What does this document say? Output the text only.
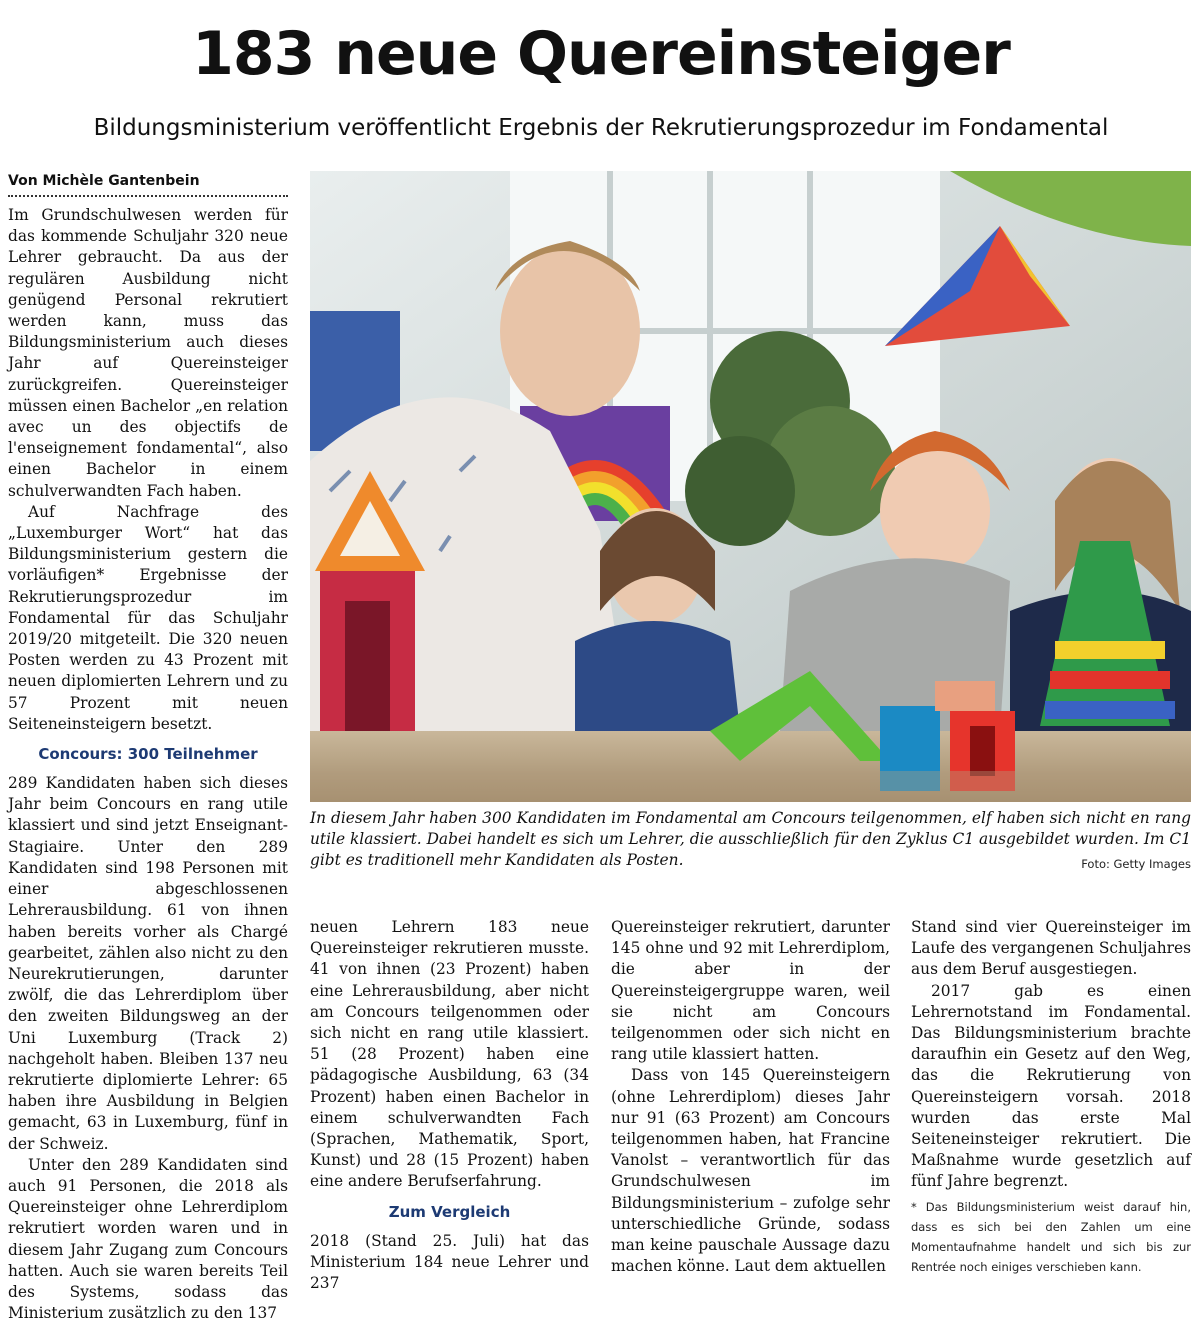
183 neue Quereinsteiger
Bildungsministerium veröffentlicht Ergebnis der Rekrutierungsprozedur im Fondamental
Von Michèle Gantenbein

Im Grundschulwesen werden für das kommende Schuljahr 320 neue Lehrer gebraucht. Da aus der regulären Ausbildung nicht genügend Personal rekrutiert werden kann, muss das Bildungsministerium auch dieses Jahr auf Quereinsteiger zurückgreifen. Quereinsteiger müssen einen Bachelor „en relation avec un des objectifs de l'enseignement fondamental“, also einen Bachelor in einem schulverwandten Fach haben.

Auf Nachfrage des „Luxemburger Wort“ hat das Bildungsministerium gestern die vorläufigen* Ergebnisse der Rekrutierungsprozedur im Fondamental für das Schuljahr 2019/20 mitgeteilt. Die 320 neuen Posten werden zu 43 Prozent mit neuen diplomierten Lehrern und zu 57 Prozent mit neuen Seiteneinsteigern besetzt.

Concours: 300 Teilnehmer

289 Kandidaten haben sich dieses Jahr beim Concours en rang utile klassiert und sind jetzt Enseignant-Stagiaire. Unter den 289 Kandidaten sind 198 Personen mit einer abgeschlossenen Lehrerausbildung. 61 von ihnen haben bereits vorher als Chargé gearbeitet, zählen also nicht zu den Neurekrutierungen, darunter zwölf, die das Lehrerdiplom über den zweiten Bildungsweg an der Uni Luxemburg (Track 2) nachgeholt haben. Bleiben 137 neu rekrutierte diplomierte Lehrer: 65 haben ihre Ausbildung in Belgien gemacht, 63 in Luxemburg, fünf in der Schweiz.

Unter den 289 Kandidaten sind auch 91 Personen, die 2018 als Quereinsteiger ohne Lehrerdiplom rekrutiert worden waren und in diesem Jahr Zugang zum Concours hatten. Auch sie waren bereits Teil des Systems, sodass das Ministerium zusätzlich zu den 137

In diesem Jahr haben 300 Kandidaten im Fondamental am Concours teilgenommen, elf haben sich nicht en rang utile klassiert. Dabei handelt es sich um Lehrer, die ausschließlich für den Zyklus C1 ausgebildet wurden. Im C1 gibt es traditionell mehr Kandidaten als Posten.	Foto: Getty Images

neuen Lehrern 183 neue Quereinsteiger rekrutieren musste. 41 von ihnen (23 Prozent) haben eine Lehrerausbildung, aber nicht am Concours teilgenommen oder sich nicht en rang utile klassiert. 51 (28 Prozent) haben eine pädagogische Ausbildung, 63 (34 Prozent) haben einen Bachelor in einem schulverwandten Fach (Sprachen, Mathematik, Sport, Kunst) und 28 (15 Prozent) haben eine andere Berufserfahrung.

Zum Vergleich

2018 (Stand 25. Juli) hat das Ministerium 184 neue Lehrer und 237

Quereinsteiger rekrutiert, darunter 145 ohne und 92 mit Lehrerdiplom, die aber in der Quereinsteigergruppe waren, weil sie nicht am Concours teilgenommen oder sich nicht en rang utile klassiert hatten.

Dass von 145 Quereinsteigern (ohne Lehrerdiplom) dieses Jahr nur 91 (63 Prozent) am Concours teilgenommen haben, hat Francine Vanolst – verantwortlich für das Grundschulwesen im Bildungsministerium – zufolge sehr unterschiedliche Gründe, sodass man keine pauschale Aussage dazu machen könne. Laut dem aktuellen

Stand sind vier Quereinsteiger im Laufe des vergangenen Schuljahres aus dem Beruf ausgestiegen.

2017 gab es einen Lehrernotstand im Fondamental. Das Bildungsministerium brachte daraufhin ein Gesetz auf den Weg, das die Rekrutierung von Quereinsteigern vorsah. 2018 wurden das erste Mal Seiteneinsteiger rekrutiert. Die Maßnahme wurde gesetzlich auf fünf Jahre begrenzt.

* Das Bildungsministerium weist darauf hin, dass es sich bei den Zahlen um eine Momentaufnahme handelt und sich bis zur Rentrée noch einiges verschieben kann.
